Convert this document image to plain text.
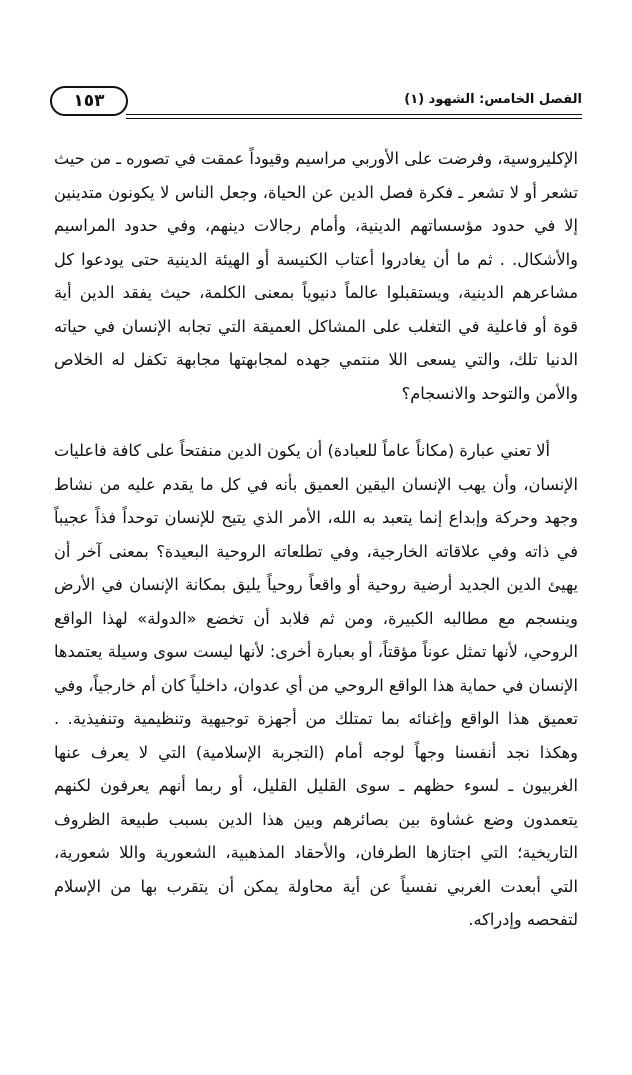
١٥٣	الفصل الخامس: الشهود (١)

الإكليروسية، وفرضت على الأوربي مراسيم وقيوداً عمقت في تصوره ـ من حيث تشعر أو لا تشعر ـ فكرة فصل الدين عن الحياة، وجعل الناس لا يكونون متدينين إلا في حدود مؤسساتهم الدينية، وأمام رجالات دينهم، وفي حدود المراسيم والأشكال. . ثم ما أن يغادروا أعتاب الكنيسة أو الهيئة الدينية حتى يودعوا كل مشاعرهم الدينية، ويستقبلوا عالماً دنيوياً بمعنى الكلمة، حيث يفقد الدين أية قوة أو فاعلية في التغلب على المشاكل العميقة التي تجابه الإنسان في حياته الدنيا تلك، والتي يسعى اللا منتمي جهده لمجابهتها مجابهة تكفل له الخلاص والأمن والتوحد والانسجام؟

ألا تعني عبارة (مكاناً عاماً للعبادة) أن يكون الدين منفتحاً على كافة فاعليات الإنسان، وأن يهب الإنسان اليقين العميق بأنه في كل ما يقدم عليه من نشاط وجهد وحركة وإبداع إنما يتعبد به الله، الأمر الذي يتيح للإنسان توحداً فذاً عجيباً في ذاته وفي علاقاته الخارجية، وفي تطلعاته الروحية البعيدة؟ بمعنى آخر أن يهيئ الدين الجديد أرضية روحية أو واقعاً روحياً يليق بمكانة الإنسان في الأرض وينسجم مع مطالبه الكبيرة، ومن ثم فلابد أن تخضع «الدولة» لهذا الواقع الروحي، لأنها تمثل عوناً مؤقتاً، أو بعبارة أخرى: لأنها ليست سوى وسيلة يعتمدها الإنسان في حماية هذا الواقع الروحي من أي عدوان، داخلياً كان أم خارجياً، وفي تعميق هذا الواقع وإغنائه بما تمتلك من أجهزة توجيهية وتنظيمية وتنفيذية. . وهكذا نجد أنفسنا وجهاً لوجه أمام (التجربة الإسلامية) التي لا يعرف عنها الغربيون ـ لسوء حظهم ـ سوى القليل القليل، أو ربما أنهم يعرفون لكنهم يتعمدون وضع غشاوة بين بصائرهم وبين هذا الدين بسبب طبيعة الظروف التاريخية؛ التي اجتازها الطرفان، والأحقاد المذهبية، الشعورية واللا شعورية، التي أبعدت الغربي نفسياً عن أية محاولة يمكن أن يتقرب بها من الإسلام لتفحصه وإدراكه.
